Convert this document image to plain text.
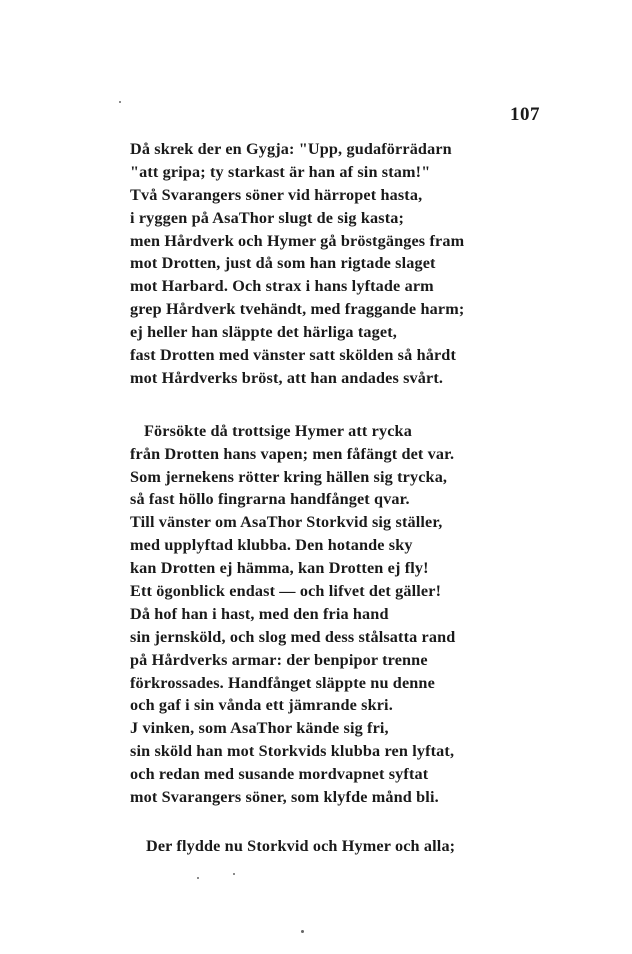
107
Då skrek der en Gygja: "Upp, gudaförrädarn
"att gripa; ty starkast är han af sin stam!"
Två Svarangers söner vid härropet hasta,
i ryggen på AsaThor slugt de sig kasta;
men Hårdverk och Hymer gå bröstgänges fram
mot Drotten, just då som han rigtade slaget
mot Harbard. Och strax i hans lyftade arm
grep Hårdverk tvehändt, med fraggande harm;
ej heller han släppte det härliga taget,
fast Drotten med vänster satt skölden så hårdt
mot Hårdverks bröst, att han andades svårt.
Försökte då trottsige Hymer att rycka
från Drotten hans vapen; men fåfängt det var.
Som jernekens rötter kring hällen sig trycka,
så fast höllo fingrarna handfånget qvar.
Till vänster om AsaThor Storkvid sig ställer,
med upplyftad klubba. Den hotande sky
kan Drotten ej hämma, kan Drotten ej fly!
Ett ögonblick endast — och lifvet det gäller!
Då hof han i hast, med den fria hand
sin jernsköld, och slog med dess stålsatta rand
på Hårdverks armar: der benpipor trenne
förkrossades. Handfånget släppte nu denne
och gaf i sin vånda ett jämrande skri.
J vinken, som AsaThor kände sig fri,
sin sköld han mot Storkvids klubba ren lyftat,
och redan med susande mordvapnet syftat
mot Svarangers söner, som klyfde månd bli.
Der flydde nu Storkvid och Hymer och alla;
